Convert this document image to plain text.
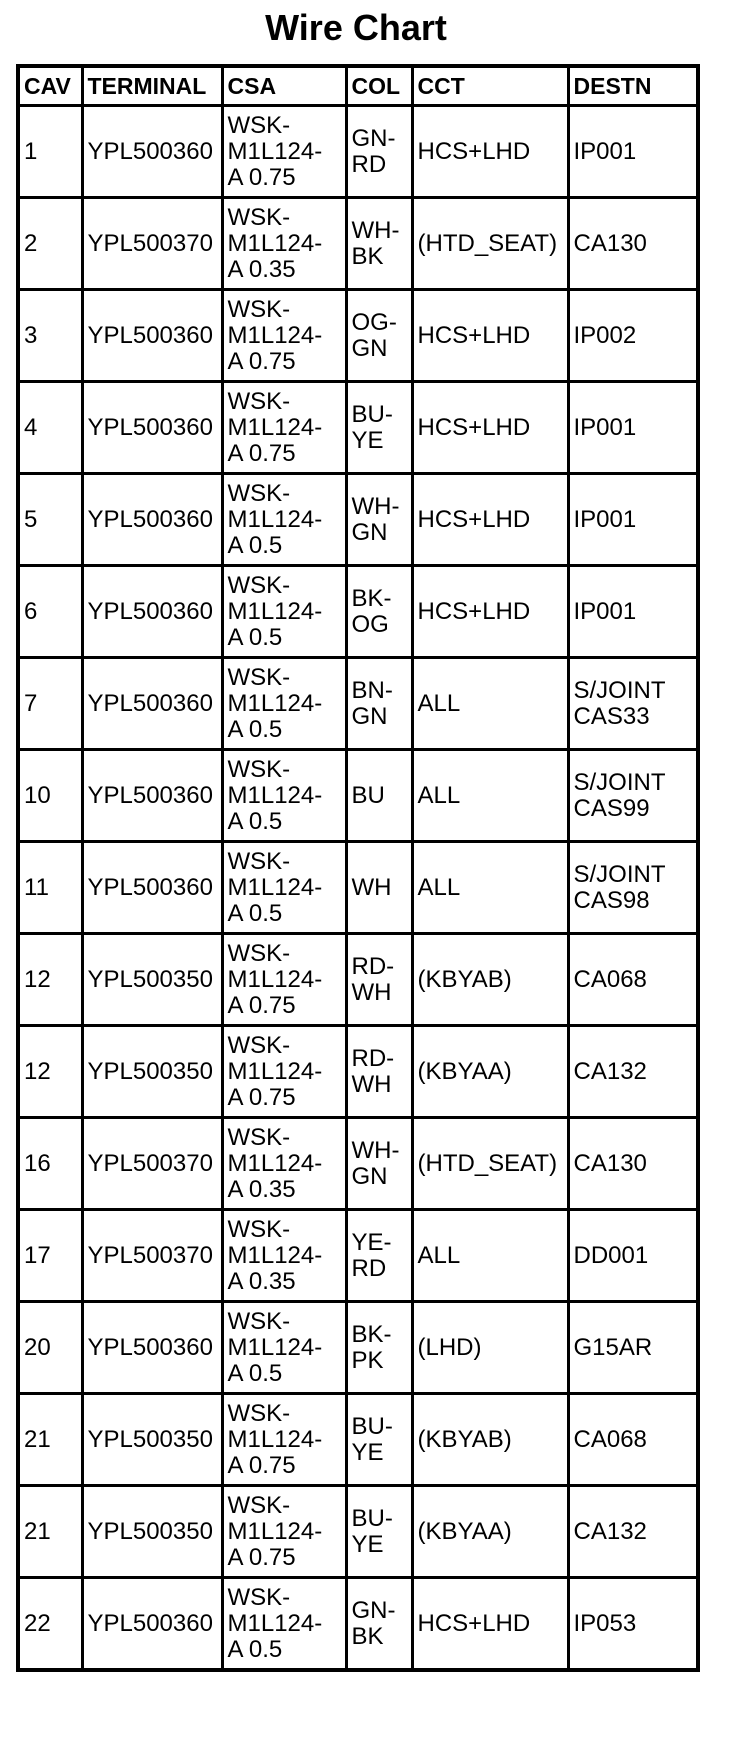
Wire Chart
CAV	TERMINAL	CSA	COL	CCT	DESTN

1	YPL500360	WSK-
M1L124-
A 0.75	GN-
RD	HCS+LHD	IP001

2	YPL500370	WSK-
M1L124-
A 0.35	WH-
BK	(HTD_SEAT)	CA130

3	YPL500360	WSK-
M1L124-
A 0.75	OG-
GN	HCS+LHD	IP002

4	YPL500360	WSK-
M1L124-
A 0.75	BU-
YE	HCS+LHD	IP001

5	YPL500360	WSK-
M1L124-
A 0.5	WH-
GN	HCS+LHD	IP001

6	YPL500360	WSK-
M1L124-
A 0.5	BK-
OG	HCS+LHD	IP001

7	YPL500360	WSK-
M1L124-
A 0.5	BN-
GN	ALL	S/JOINT
CAS33

10	YPL500360	WSK-
M1L124-
A 0.5	BU	ALL	S/JOINT
CAS99

11	YPL500360	WSK-
M1L124-
A 0.5	WH	ALL	S/JOINT
CAS98

12	YPL500350	WSK-
M1L124-
A 0.75	RD-
WH	(KBYAB)	CA068

12	YPL500350	WSK-
M1L124-
A 0.75	RD-
WH	(KBYAA)	CA132

16	YPL500370	WSK-
M1L124-
A 0.35	WH-
GN	(HTD_SEAT)	CA130

17	YPL500370	WSK-
M1L124-
A 0.35	YE-
RD	ALL	DD001

20	YPL500360	WSK-
M1L124-
A 0.5	BK-
PK	(LHD)	G15AR

21	YPL500350	WSK-
M1L124-
A 0.75	BU-
YE	(KBYAB)	CA068

21	YPL500350	WSK-
M1L124-
A 0.75	BU-
YE	(KBYAA)	CA132

22	YPL500360	WSK-
M1L124-
A 0.5	GN-
BK	HCS+LHD	IP053
